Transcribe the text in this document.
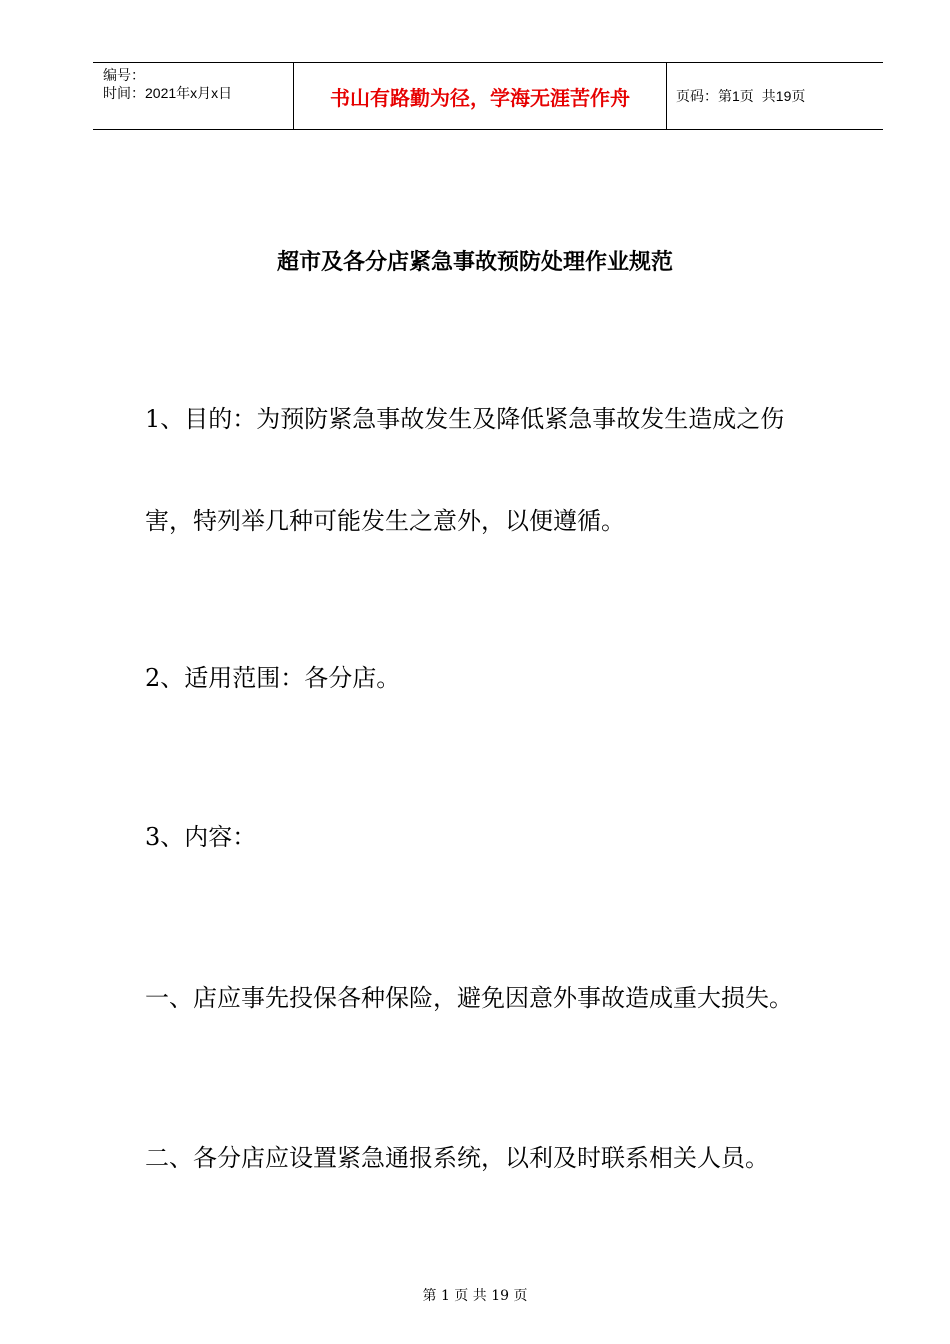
编号：
时间：2021年x月x日	书山有路勤为径，学海无涯苦作舟	页码：第1页 共19页
超市及各分店紧急事故预防处理作业规范
1、目的：为预防紧急事故发生及降低紧急事故发生造成之伤
害，特列举几种可能发生之意外，以便遵循。
2、适用范围：各分店。
3、内容：
一、店应事先投保各种保险，避免因意外事故造成重大损失。
二、各分店应设置紧急通报系统，以利及时联系相关人员。
第 1 页 共 19 页
